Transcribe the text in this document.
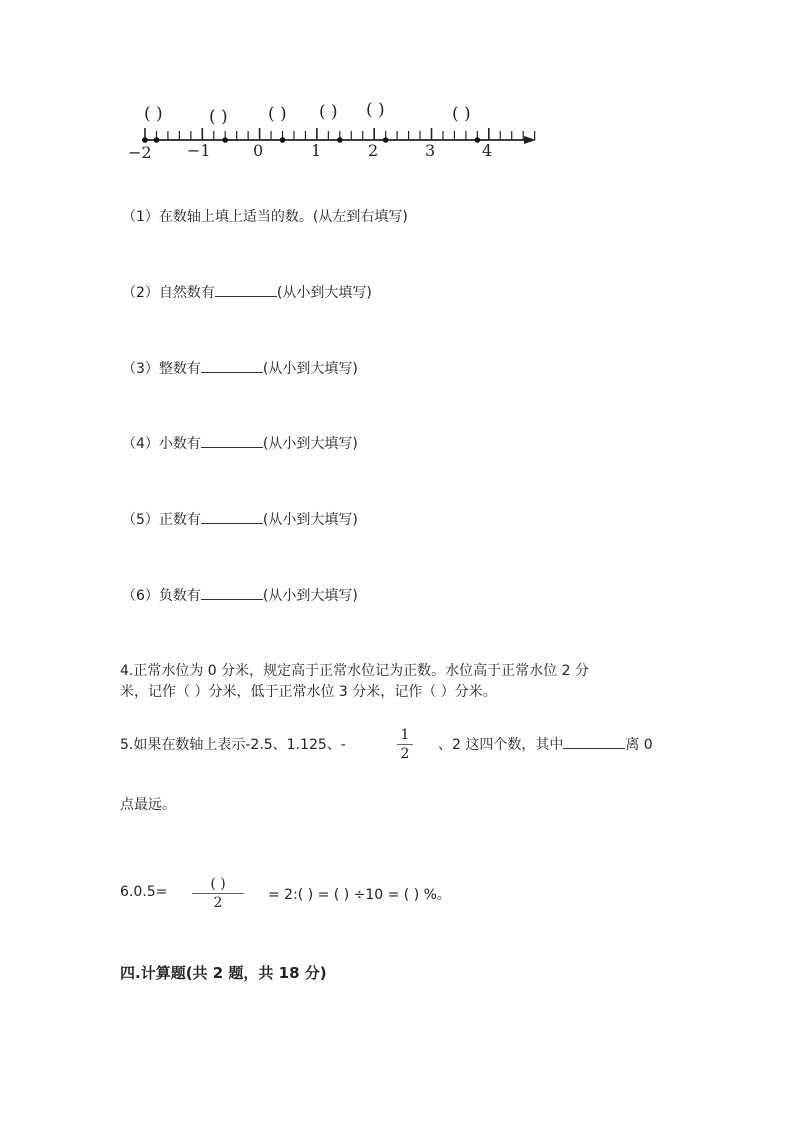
( )	( ) ( ) ( ) ( )	( )
−2 −1	0	1	2	3	4
（1）在数轴上填上适当的数。(从左到右填写)
（2）自然数有	(从小到大填写)
（3）整数有	(从小到大填写)
（4）小数有	(从小到大填写)
（5）正数有	(从小到大填写)
（6）负数有	(从小到大填写)
4.正常水位为 0 分米，规定高于正常水位记为正数。水位高于正常水位 2 分
米，记作（ ）分米，低于正常水位 3 分米，记作（ ）分米。
5.如果在数轴上表示-2.5、1.125、-
1
2
、2 这四个数，其中	离 0
点最远。
6.0.5=	( )
2	= 2:( ) = ( ) ÷10 = ( ) %。
四.计算题(共 2 题，共 18 分)
